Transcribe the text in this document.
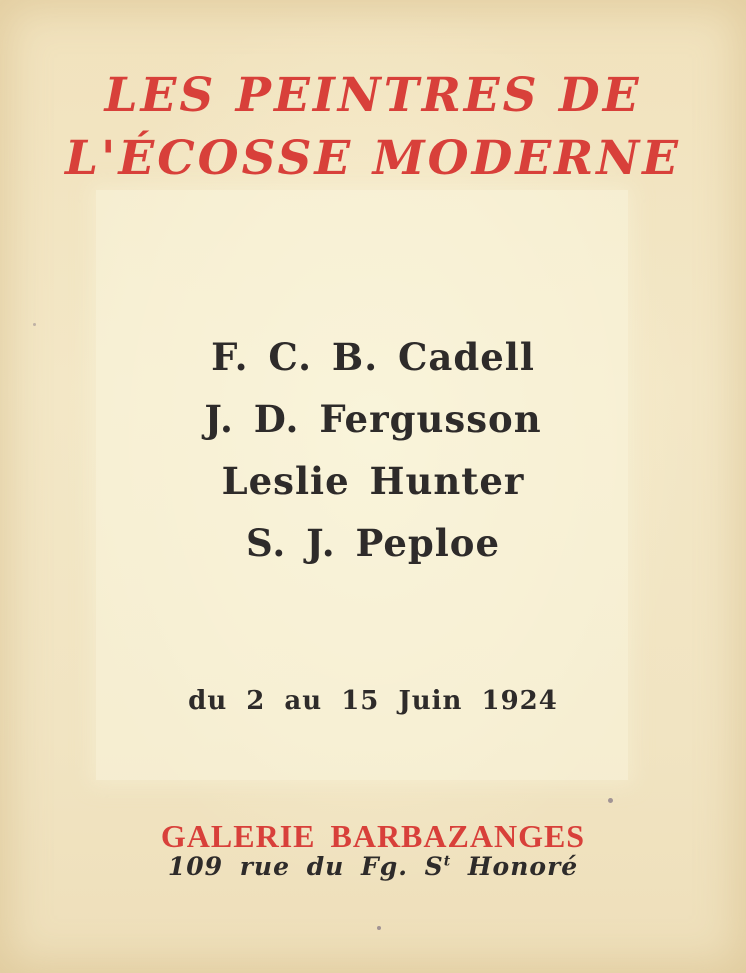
LES PEINTRES DE
L'ÉCOSSE MODERNE
F. C. B. Cadell
J. D. Fergusson
Leslie Hunter
S. J. Peploe

du 2 au 15 Juin 1924

GALERIE BARBAZANGES

109 rue du Fg. $S^t$ Honoré
